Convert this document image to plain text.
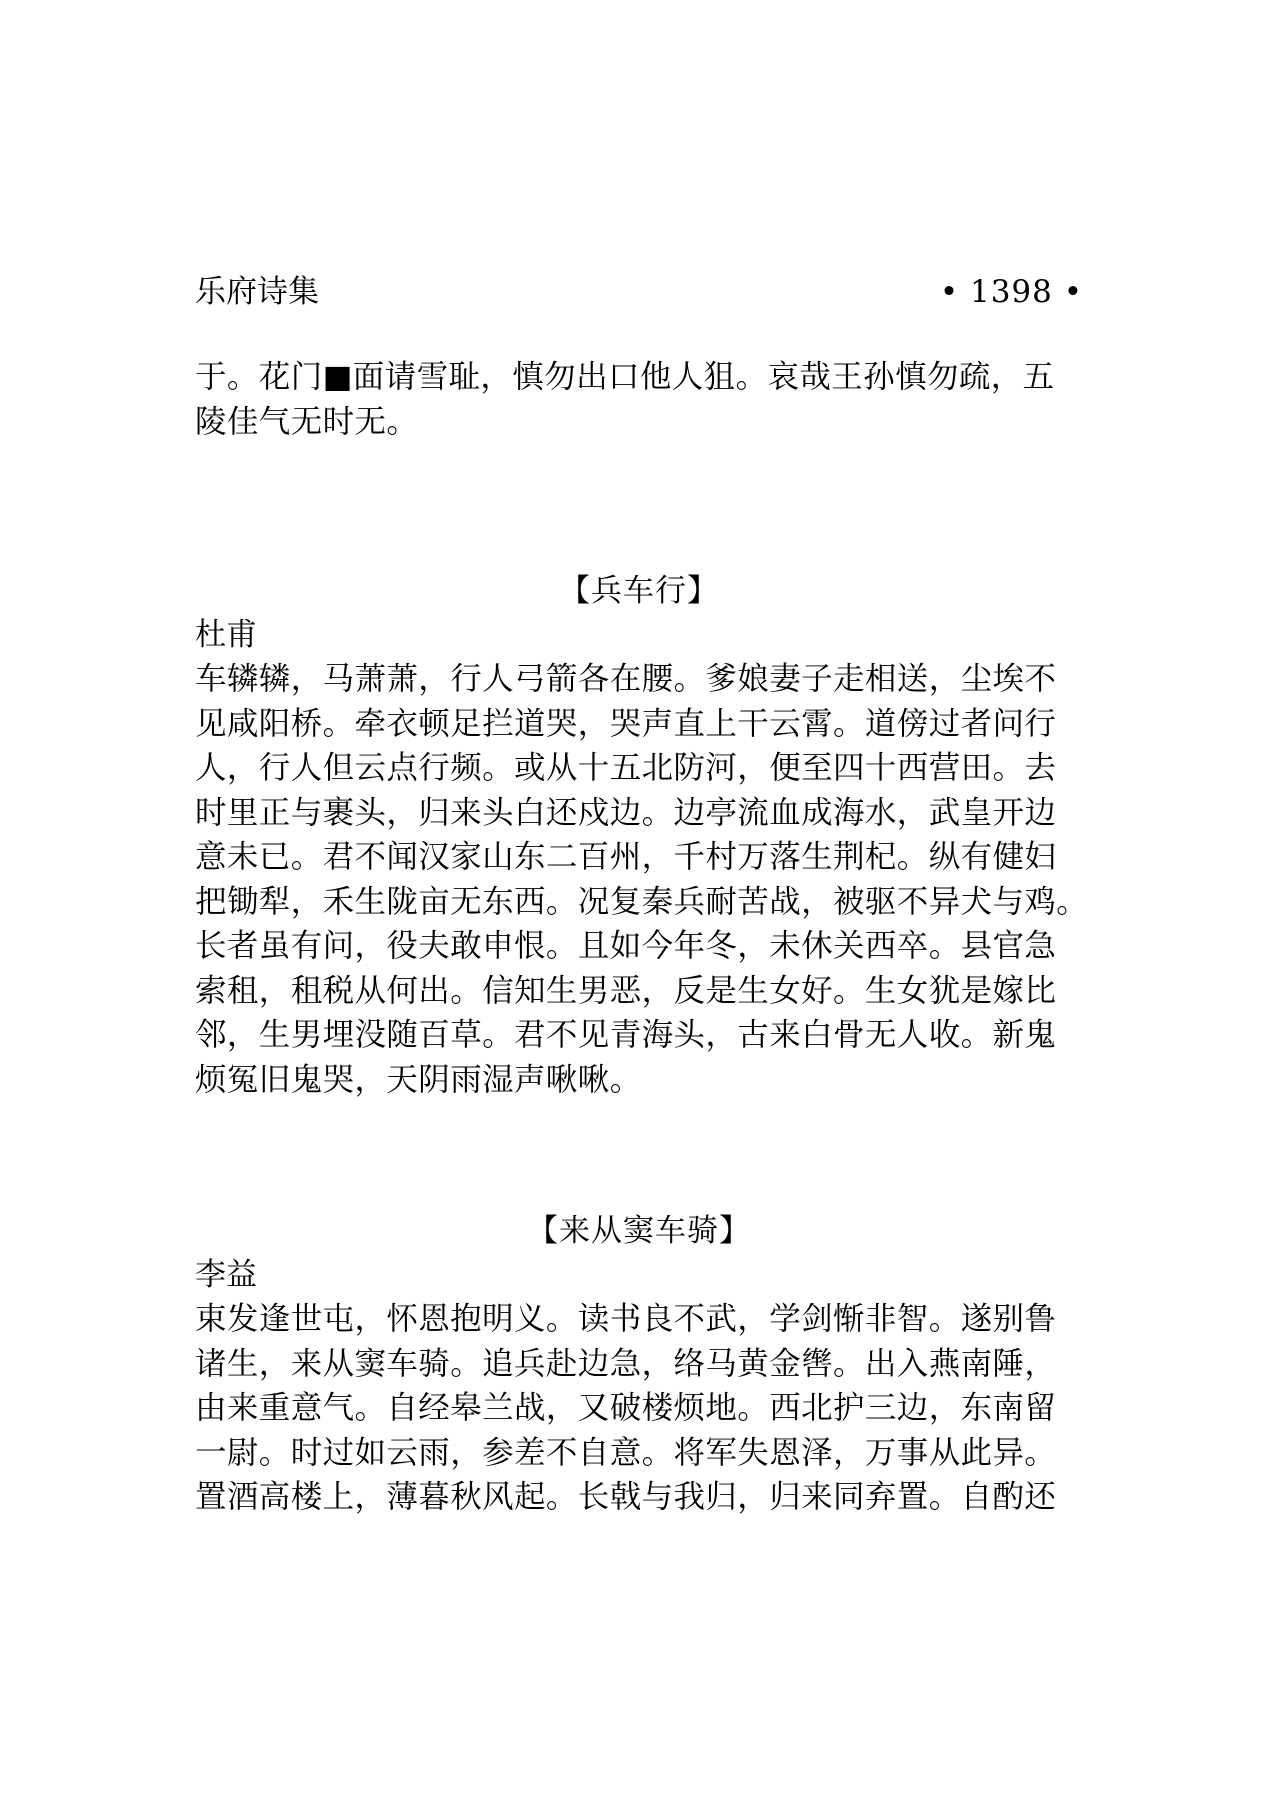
乐府诗集	• 1398 •
于。花门■面请雪耻，慎勿出口他人狙。哀哉王孙慎勿疏，五
陵佳气无时无。
【兵车行】
杜甫
车辚辚，马萧萧，行人弓箭各在腰。爹娘妻子走相送，尘埃不
见咸阳桥。牵衣顿足拦道哭，哭声直上干云霄。道傍过者问行
人，行人但云点行频。或从十五北防河，便至四十西营田。去
时里正与裹头，归来头白还戍边。边亭流血成海水，武皇开边
意未已。君不闻汉家山东二百州，千村万落生荆杞。纵有健妇
把锄犁，禾生陇亩无东西。况复秦兵耐苦战，被驱不异犬与鸡。
长者虽有问，役夫敢申恨。且如今年冬，未休关西卒。县官急
索租，租税从何出。信知生男恶，反是生女好。生女犹是嫁比
邻，生男埋没随百草。君不见青海头，古来白骨无人收。新鬼
烦冤旧鬼哭，天阴雨湿声啾啾。
【来从窦车骑】
李益
束发逢世屯，怀恩抱明义。读书良不武，学剑惭非智。遂别鲁
诸生，来从窦车骑。追兵赴边急，络马黄金辔。出入燕南陲，
由来重意气。自经皋兰战，又破楼烦地。西北护三边，东南留
一尉。时过如云雨，参差不自意。将军失恩泽，万事从此异。
置酒高楼上，薄暮秋风起。长戟与我归，归来同弃置。自酌还
